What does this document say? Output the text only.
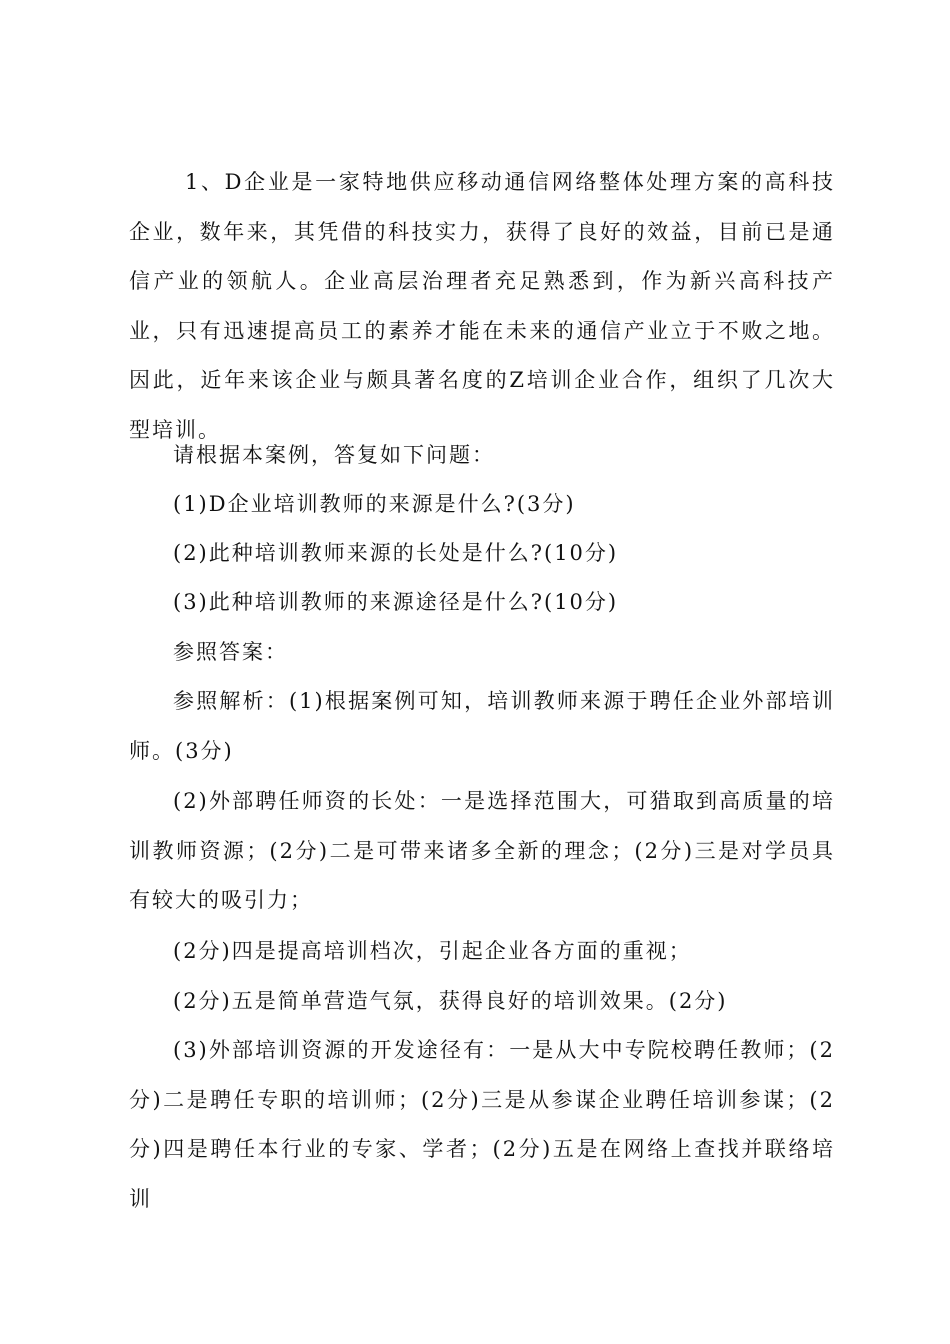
1、D企业是一家特地供应移动通信网络整体处理方案的高科技企业，数年来，其凭借的科技实力，获得了良好的效益，目前已是通信产业的领航人。企业高层治理者充足熟悉到，作为新兴高科技产业，只有迅速提高员工的素养才能在未来的通信产业立于不败之地。因此，近年来该企业与颇具著名度的Z培训企业合作，组织了几次大型培训。

请根据本案例，答复如下问题：

(1)D企业培训教师的来源是什么?(3分)

(2)此种培训教师来源的长处是什么?(10分)

(3)此种培训教师的来源途径是什么?(10分)

参照答案：

参照解析：(1)根据案例可知，培训教师来源于聘任企业外部培训师。(3分)

(2)外部聘任师资的长处：一是选择范围大，可猎取到高质量的培训教师资源；(2分)二是可带来诸多全新的理念；(2分)三是对学员具有较大的吸引力；

(2分)四是提高培训档次，引起企业各方面的重视；

(2分)五是简单营造气氛，获得良好的培训效果。(2分)

(3)外部培训资源的开发途径有：一是从大中专院校聘任教师；(2分)二是聘任专职的培训师；(2分)三是从参谋企业聘任培训参谋；(2分)四是聘任本行业的专家、学者；(2分)五是在网络上查找并联络培训
